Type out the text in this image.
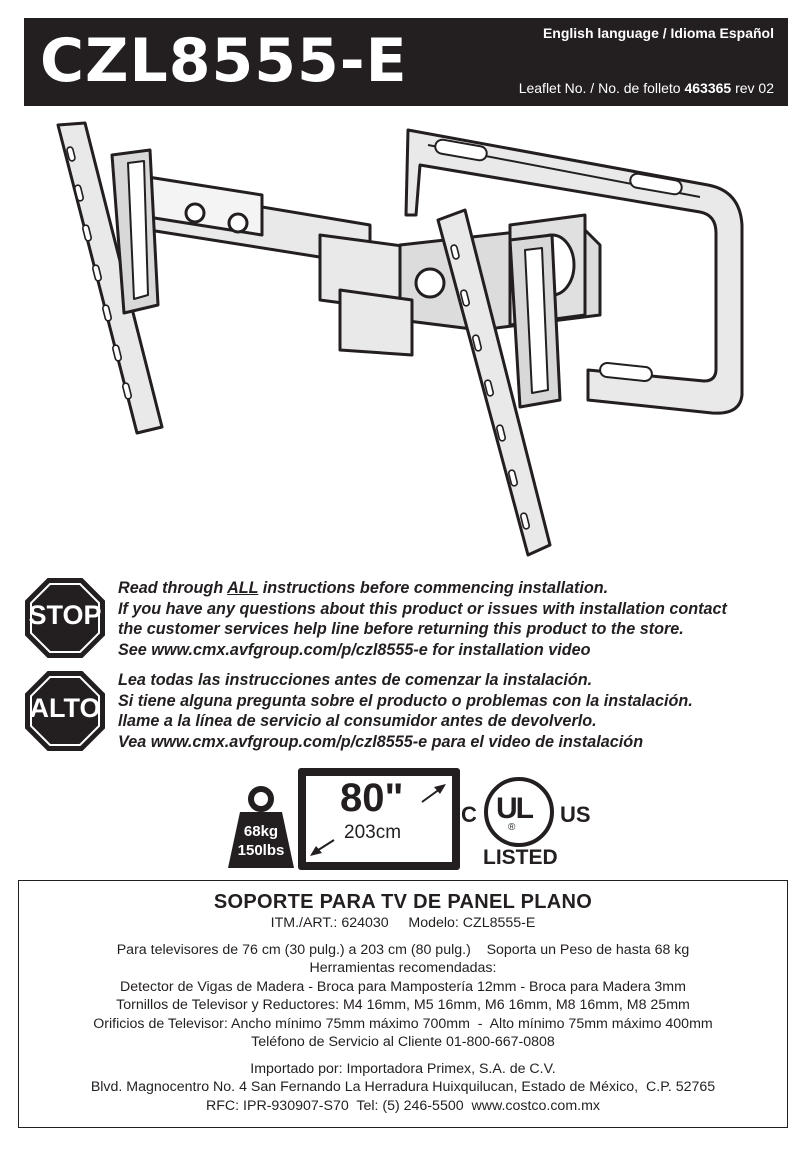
CZL8555-E	English language / Idioma Español
Leaflet No. / No. de folleto 463365 rev 02
STOP
Read through ALL instructions before commencing installation.
If you have any questions about this product or issues with installation contact
the customer services help line before returning this product to the store.
See www.cmx.avfgroup.com/p/czl8555-e for installation video
ALTO
Lea todas las instrucciones antes de comenzar la instalación.
Si tiene alguna pregunta sobre el producto o problemas con la instalación.
llame a la línea de servicio al consumidor antes de devolverlo.
Vea www.cmx.avfgroup.com/p/czl8555-e para el video de instalación
68kg
150lbs
80"
203cm
C UL
®
US
LISTED
SOPORTE PARA TV DE PANEL PLANO
ITM./ART.: 624030     Modelo: CZL8555-E
Para televisores de 76 cm (30 pulg.) a 203 cm (80 pulg.)    Soporta un Peso de hasta 68 kg
Herramientas recomendadas:
Detector de Vigas de Madera - Broca para Mampostería 12mm - Broca para Madera 3mm
Tornillos de Televisor y Reductores: M4 16mm, M5 16mm, M6 16mm, M8 16mm, M8 25mm
Orificios de Televisor: Ancho mínimo 75mm máximo 700mm  -  Alto mínimo 75mm máximo 400mm
Teléfono de Servicio al Cliente 01-800-667-0808
Importado por: Importadora Primex, S.A. de C.V.
Blvd. Magnocentro No. 4 San Fernando La Herradura Huixquilucan, Estado de México,  C.P. 52765
RFC: IPR-930907-S70  Tel: (5) 246-5500  www.costco.com.mx
